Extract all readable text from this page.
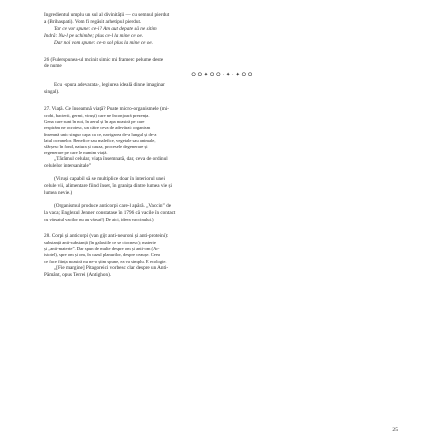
Ingredientul umplu un sul al divinității — cu semnul pierdut

a (Brihaspati). Vom fi regăsit arhetipul pierdut.

Tar ce vor spune: ce-i? Am aut depate să ne sitim

Indră: Nu-l pe schimbe; plus ce-l la mine ce oe.

Dar noi vom spune: ce-n sol plus la mine ce oe.

26 (Fulerspunea-ul mcinit simic mi framerc pelume deste

de nume

ⵔ ⵔ ✦ ⵔ ⵔ · ✦ · ✦ ⵔ ⵔ

Ecu ·spura adevarata·, legiurea ideală dinne imaginar

singal).

27. Viață. Ce înseamnă viață? Poate micro-organismele (mi-

crobi, bacterii, germi, viruși) care ne înconjoară prezența.

Gena care sunt în noi, în aerul și în apa noastră pe care

respirăm ne ocrotesc, un către ceva de adevărat: organism

însemnă unic singur capa ca ce, navigarea de-a lungul și de-a

latul oceanelor. Benefice sau malefice, vegetale sau animale,

sfârșesc în fond, natura și cauza, procesele degenerare și

regenerare pe care le numim viață.

„Tărâmul celular, viața însemnată, dar, ceva de ordinul

celulelor intersanitale”

(Viruși capabil să se multiplice doar în interiorul unei

celule vii, alimentare fiind înset, în granița dintre lumea vie și

lumea nevie.)

(Organismul produce anticorpi care-l apără. „Vaccin” de

la vaca; Englezul Jenner constatase în 1796 că vacile în contact

cu vărsatul vacilor nu au vărsat!) De aici, ideea vaccinului.)

28. Corpi și anticorpi (van gijt anti-neuroni și anti-proteini):

substanță anti-substanță (în galaxiile ce se ciocnesc); materie

și „anti-materie”. Dar spun de multe despre om și anti-om (Ar-

istotel), spre om și om, în cazul planurilor, despre ceaușe. Ceea

ce face ființa noastră nu ne-o știm spune, ea va simplu. E ecologie.

„[Fie margine] Pitagoreici vorbesc clar despre un Anti-

Pământ, opus Terrei (Antighon).

25
